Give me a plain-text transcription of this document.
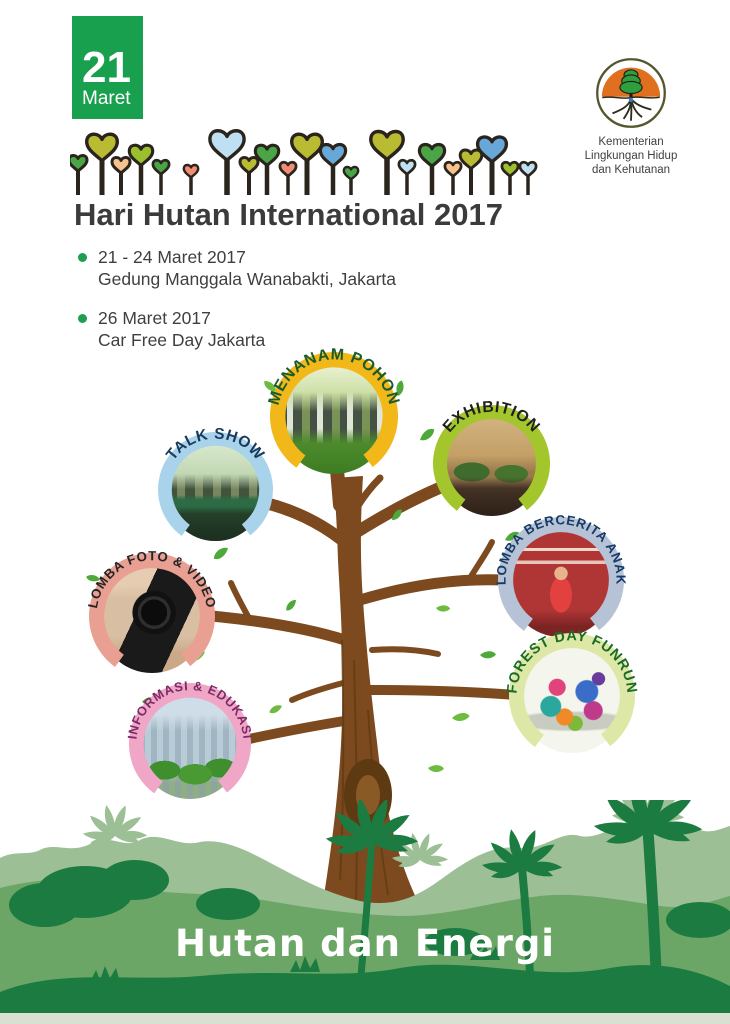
21
Maret
Kementerian
Lingkungan Hidup
dan Kehutanan
Hari Hutan International 2017
21 - 24 Maret 2017
Gedung Manggala Wanabakti, Jakarta
26 Maret 2017
Car Free Day Jakarta
MENANAM POHON
TALK SHOW
EXHIBITION
LOMBA BERCERITA ANAK
LOMBA FOTO & VIDEO
FOREST DAY FUNRUN
INFORMASI & EDUKASI
Hutan dan Energi
